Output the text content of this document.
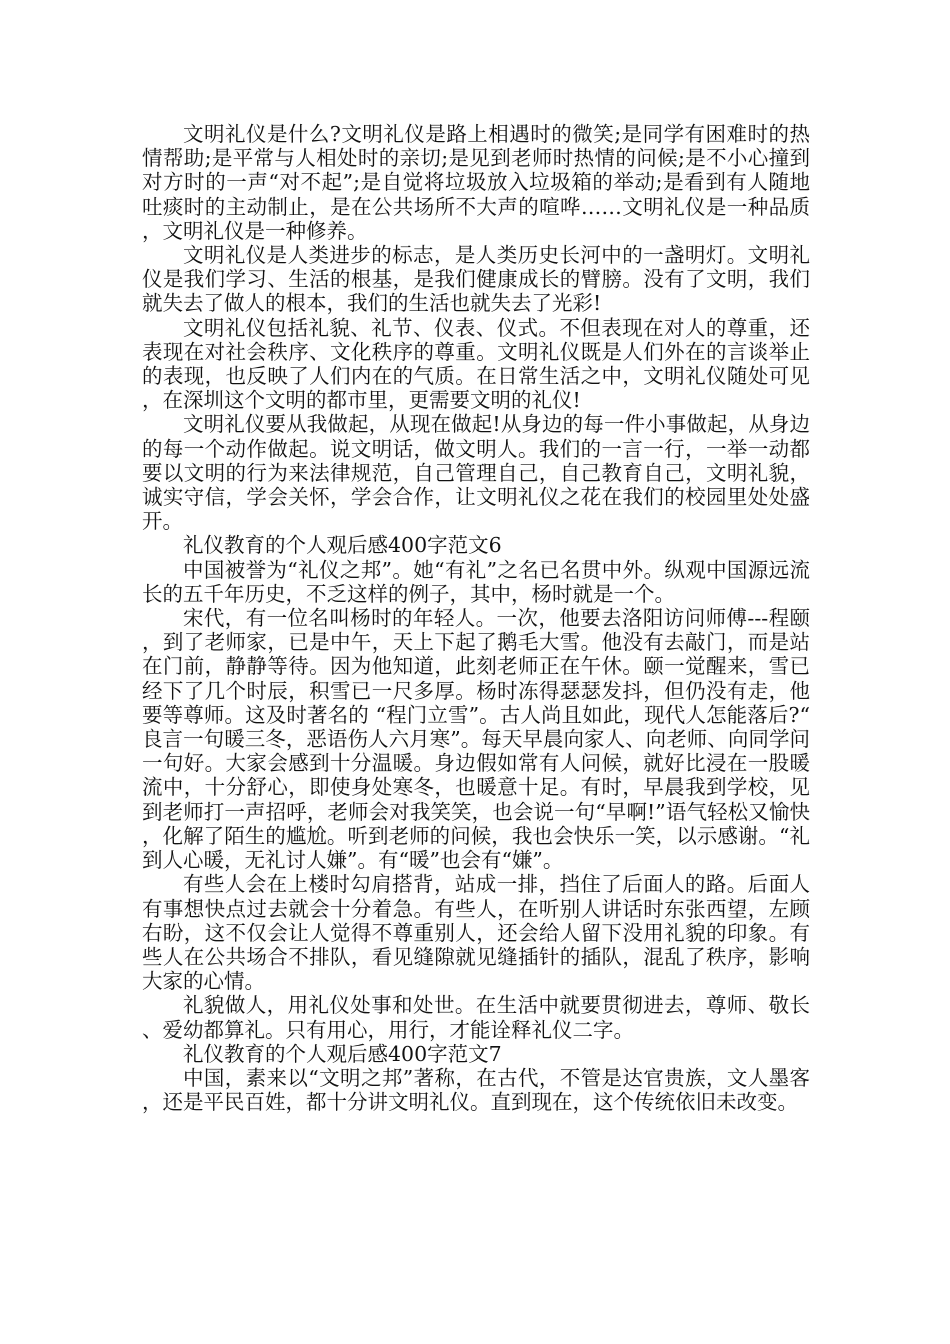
文明礼仪是什么?文明礼仪是路上相遇时的微笑;是同学有困难时的热情帮助;是平常与人相处时的亲切;是见到老师时热情的问候;是不小心撞到对方时的一声“对不起”;是自觉将垃圾放入垃圾箱的举动;是看到有人随地吐痰时的主动制止，是在公共场所不大声的喧哗……文明礼仪是一种品质，文明礼仪是一种修养。

文明礼仪是人类进步的标志，是人类历史长河中的一盏明灯。文明礼仪是我们学习、生活的根基，是我们健康成长的臂膀。没有了文明，我们就失去了做人的根本，我们的生活也就失去了光彩!

文明礼仪包括礼貌、礼节、仪表、仪式。不但表现在对人的尊重，还表现在对社会秩序、文化秩序的尊重。文明礼仪既是人们外在的言谈举止的表现，也反映了人们内在的气质。在日常生活之中，文明礼仪随处可见，在深圳这个文明的都市里，更需要文明的礼仪!

文明礼仪要从我做起，从现在做起!从身边的每一件小事做起，从身边的每一个动作做起。说文明话，做文明人。我们的一言一行，一举一动都要以文明的行为来法律规范，自己管理自己，自己教育自己，文明礼貌，诚实守信，学会关怀，学会合作，让文明礼仪之花在我们的校园里处处盛开。

礼仪教育的个人观后感400字范文6

中国被誉为“礼仪之邦”。她“有礼”之名已名贯中外。纵观中国源远流长的五千年历史，不乏这样的例子，其中，杨时就是一个。

宋代，有一位名叫杨时的年轻人。一次，他要去洛阳访问师傅---程颐，到了老师家，已是中午，天上下起了鹅毛大雪。他没有去敲门，而是站在门前，静静等待。因为他知道，此刻老师正在午休。颐一觉醒来，雪已经下了几个时辰，积雪已一尺多厚。杨时冻得瑟瑟发抖，但仍没有走，他要等尊师。这及时著名的 “程门立雪”。古人尚且如此，现代人怎能落后?“良言一句暖三冬，恶语伤人六月寒”。每天早晨向家人、向老师、向同学问一句好。大家会感到十分温暖。身边假如常有人问候，就好比浸在一股暖流中，十分舒心，即使身处寒冬，也暖意十足。有时，早晨我到学校，见到老师打一声招呼，老师会对我笑笑，也会说一句“早啊!”语气轻松又愉快，化解了陌生的尴尬。听到老师的问候，我也会快乐一笑，以示感谢。“礼到人心暖，无礼讨人嫌”。有“暖”也会有“嫌”。

有些人会在上楼时勾肩搭背，站成一排，挡住了后面人的路。后面人有事想快点过去就会十分着急。有些人，在听别人讲话时东张西望，左顾右盼，这不仅会让人觉得不尊重别人，还会给人留下没用礼貌的印象。有些人在公共场合不排队，看见缝隙就见缝插针的插队，混乱了秩序，影响大家的心情。

礼貌做人，用礼仪处事和处世。在生活中就要贯彻进去，尊师、敬长、爱幼都算礼。只有用心，用行，才能诠释礼仪二字。

礼仪教育的个人观后感400字范文7

中国，素来以“文明之邦”著称，在古代，不管是达官贵族，文人墨客，还是平民百姓，都十分讲文明礼仪。直到现在，这个传统依旧未改变。
